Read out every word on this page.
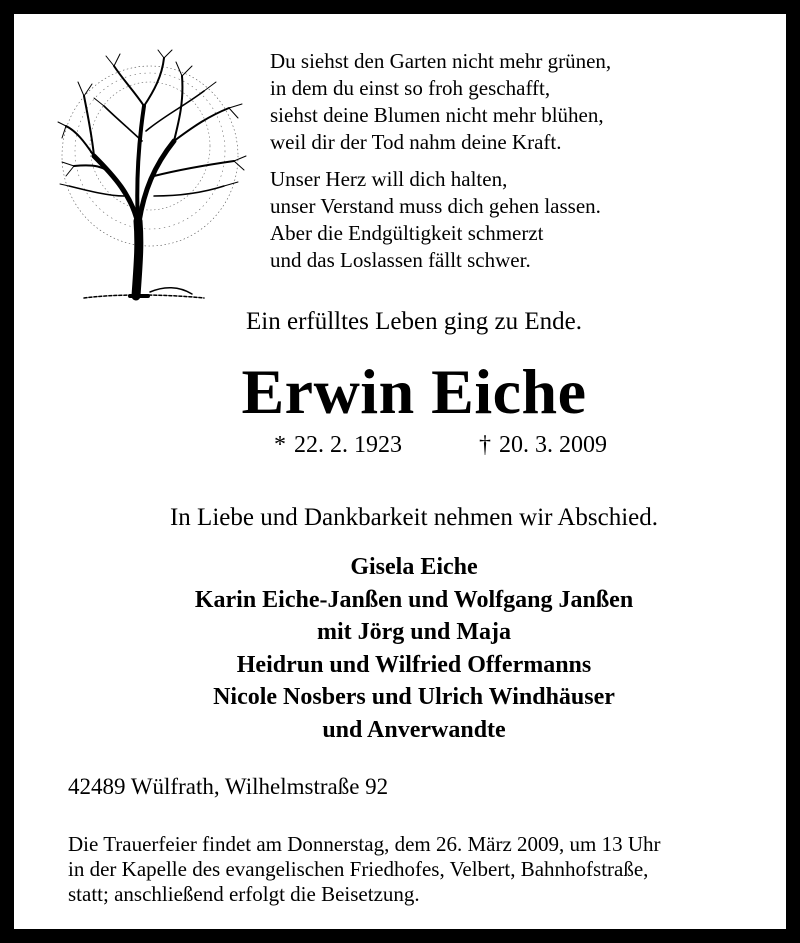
Du siehst den Garten nicht mehr grünen,
in dem du einst so froh geschafft,
siehst deine Blumen nicht mehr blühen,
weil dir der Tod nahm deine Kraft.
Unser Herz will dich halten,
unser Verstand muss dich gehen lassen.
Aber die Endgültigkeit schmerzt
und das Loslassen fällt schwer.
Ein erfülltes Leben ging zu Ende.
Erwin Eiche
* 22. 2. 1923	† 20. 3. 2009
In Liebe und Dankbarkeit nehmen wir Abschied.
Gisela Eiche
Karin Eiche-Janßen und Wolfgang Janßen
mit Jörg und Maja
Heidrun und Wilfried Offermanns
Nicole Nosbers und Ulrich Windhäuser
und Anverwandte
42489 Wülfrath, Wilhelmstraße 92
Die Trauerfeier findet am Donnerstag, dem 26. März 2009, um 13 Uhr
in der Kapelle des evangelischen Friedhofes, Velbert, Bahnhofstraße,
statt; anschließend erfolgt die Beisetzung.
